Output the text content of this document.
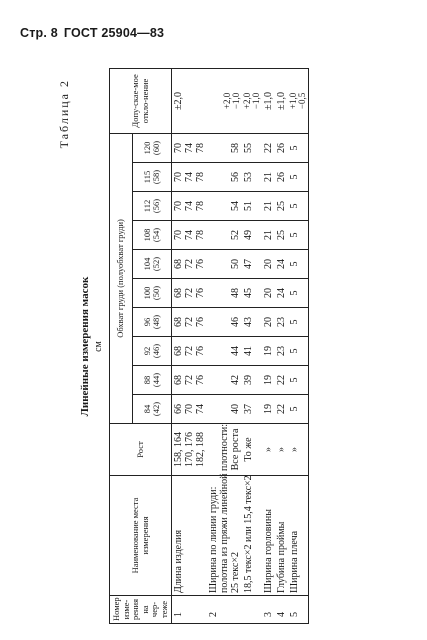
Стр. 8 ГОСТ 25904—83
Таблица 2
Линейные измерения масок см
Номер изме-рения на чер-теже	Наименование места измерения	Рост	Обхват груди (полуобхват груди)										Допу-скае-мое откло-нение
			84 (42)	88 (44)	92 (46)	96 (48)	100 (50)	104 (52)	108 (54)	112 (56)	115 (58)	120 (60)	
1	Длина изделия	158, 164 170, 176 182, 188	66 70 74	68 72 76	68 72 76	68 72 76	68 72 76	68 72 76	70 74 78	70 74 78	70 74 78	70 74 78	±2,0

2	Ширина по линии груди: полотна из пряжи линейной плотности: 25 текс×2	Все роста	40	42	44	46	48	50	52	54	56	58	+2,0 −1,0

	18,5 текс×2 или 15,4 текс×2	То же	37	39	41	43	45	47	49	51	53	55	+2,0 −1,0

3	Ширина горловины	»	19	19	19	20	20	20	21	21	21	22	±1,0

4	Глубина проймы	»	22	22	23	23	24	24	25	25	26	26	±1,0

5	Ширина плеча	»	5	5	5	5	5	5	5	5	5	5	+1,0 −0,5
